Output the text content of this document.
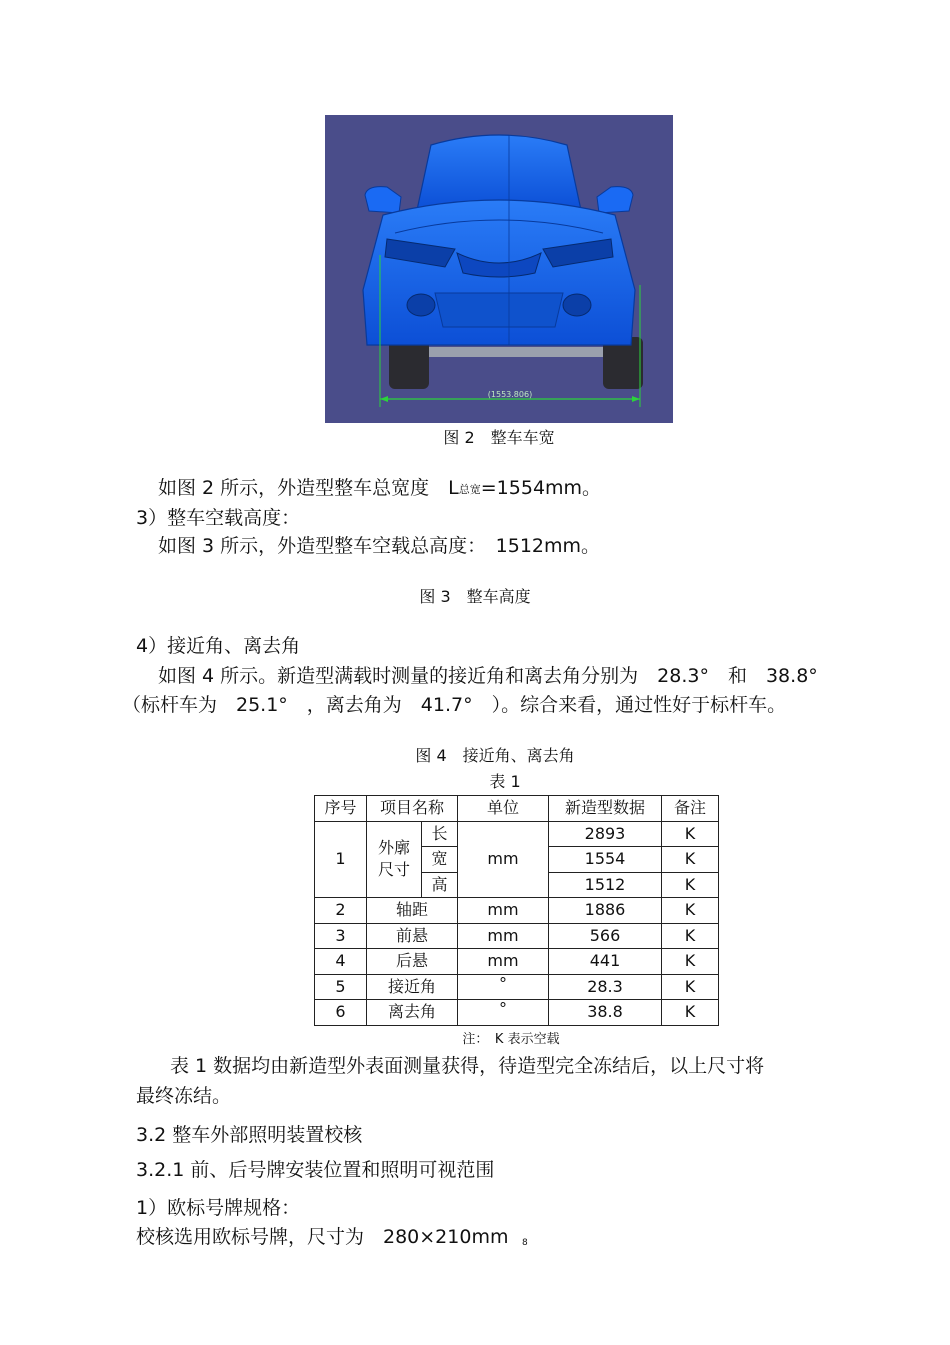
(1553.806)
图 2　整车车宽
如图 2 所示，外造型整车总宽度　L总宽=1554mm。
3）整车空载高度：
如图 3 所示，外造型整车空载总高度：　1512mm。
图 3　整车高度
4）接近角、离去角
如图 4 所示。新造型满载时测量的接近角和离去角分别为　28.3°　和　38.8°
（标杆车为　25.1°　，离去角为　41.7°　）。综合来看，通过性好于标杆车。
图 4　接近角、离去角
表 1
序号	项目名称		单位	新造型数据	备注
1	外廓尺寸	长	mm	2893	K
		宽		1554	K
		高		1512	K
2	轴距		mm	1886	K
3	前悬		mm	566	K
4	后悬		mm	441	K
5	接近角		°	28.3	K
6	离去角		°	38.8	K
注：　K 表示空载
表 1 数据均由新造型外表面测量获得，待造型完全冻结后，以上尺寸将
最终冻结。
3.2 整车外部照明装置校核
3.2.1 前、后号牌安装位置和照明可视范围
1）欧标号牌规格：
校核选用欧标号牌，尺寸为　280×210mm 8
